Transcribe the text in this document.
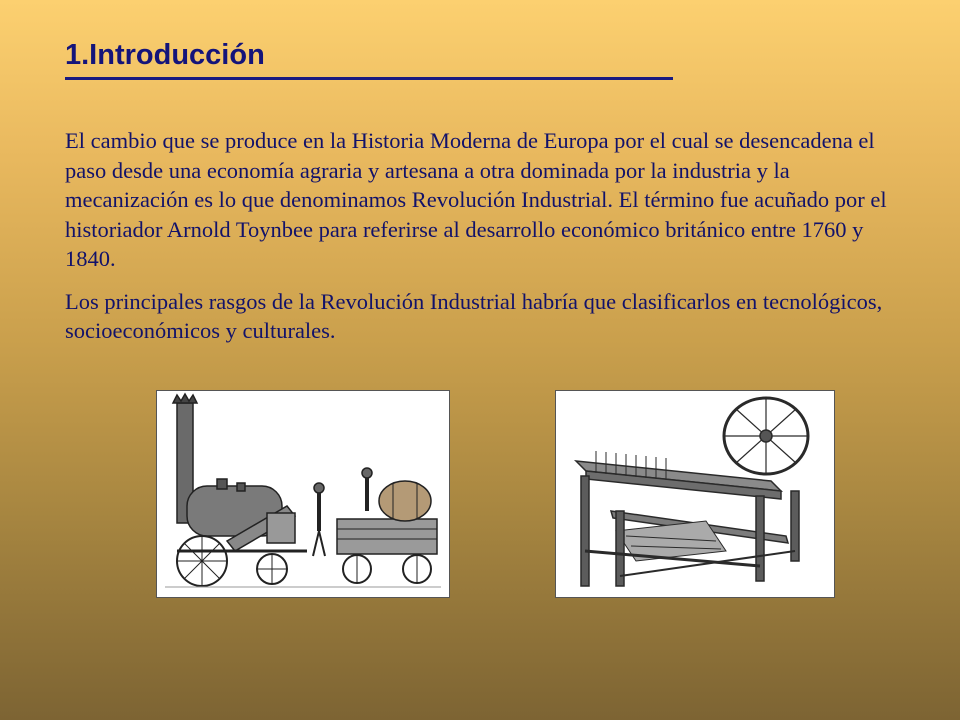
1.Introducción

El cambio que se produce en la Historia Moderna de Europa por el cual se desencadena el paso desde una economía agraria y artesana a otra dominada por la industria y la mecanización es lo que denominamos Revolución Industrial. El término fue acuñado por el historiador Arnold Toynbee para referirse al desarrollo económico británico entre 1760 y 1840.

Los principales rasgos de la Revolución Industrial habría que clasificarlos en tecnológicos, socioeconómicos y culturales.
